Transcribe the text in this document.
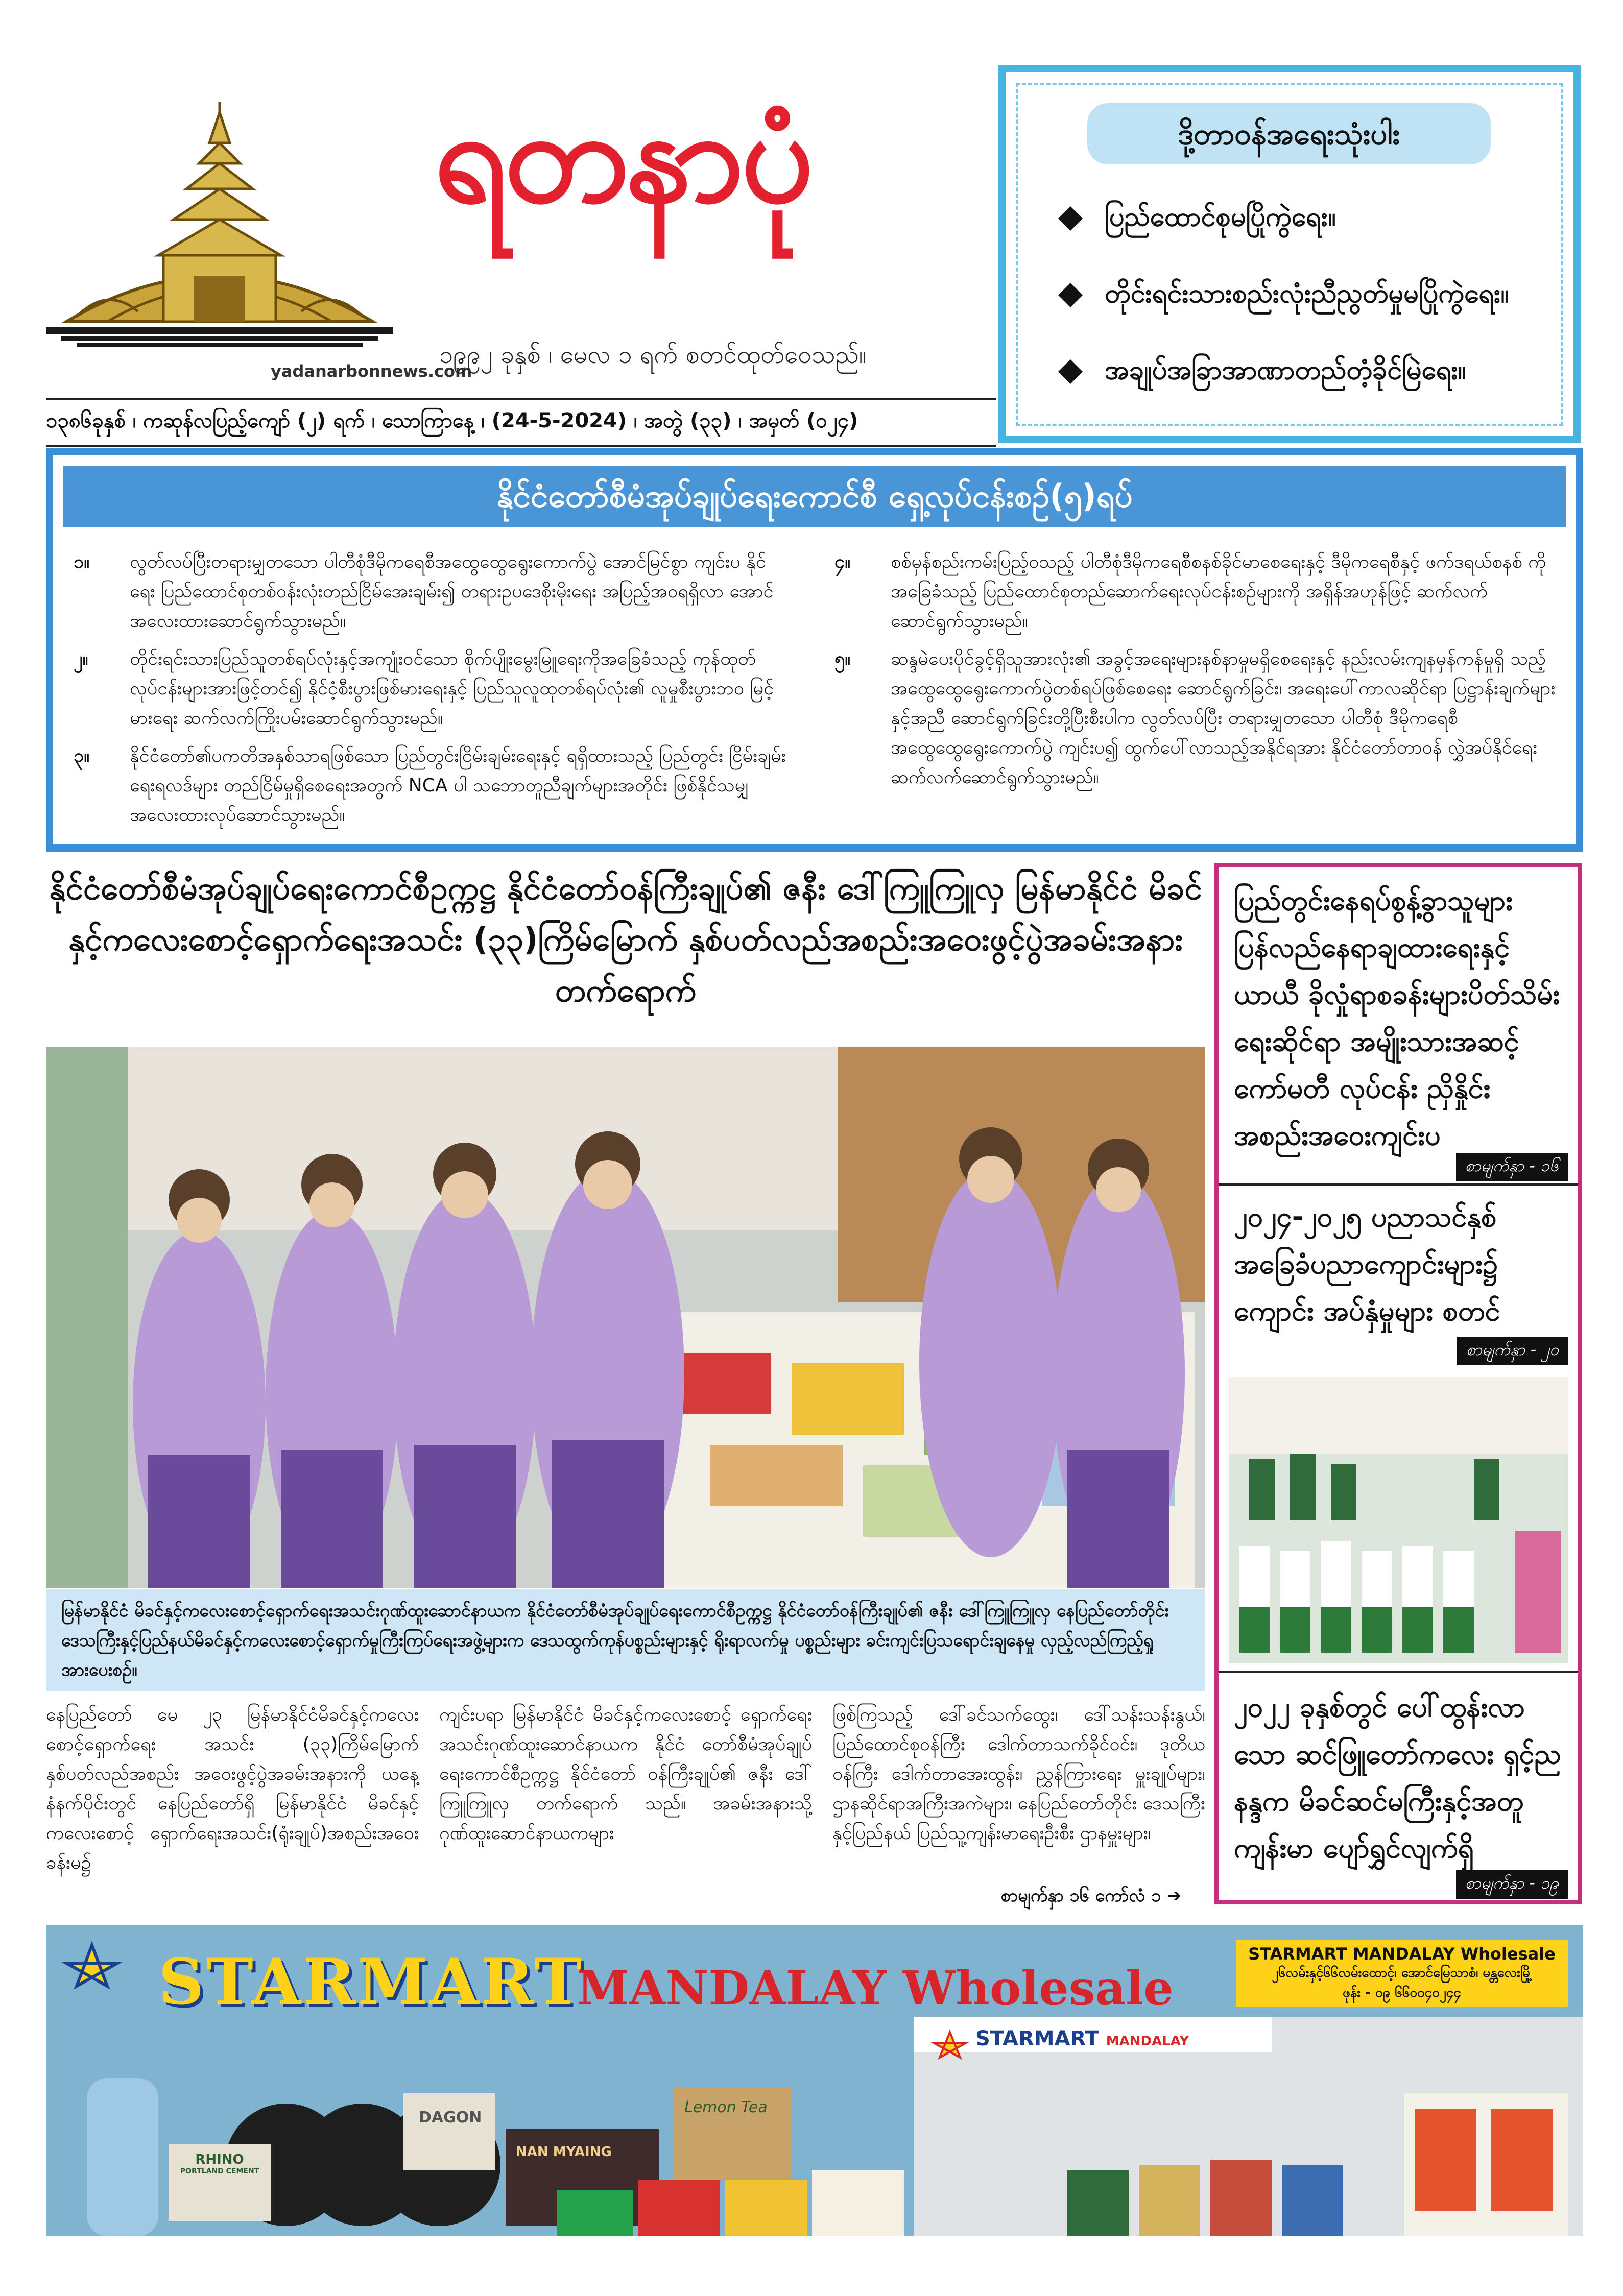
ရတနာပုံ
yadanarbonnews.com
၁၉၉၂ ခုနှစ် ၊ မေလ ၁ ရက် စတင်ထုတ်ဝေသည်။
၁၃၈၆ခုနှစ် ၊ ကဆုန်လပြည့်ကျော် (၂) ရက် ၊ သောကြာနေ့ ၊ (24-5-2024) ၊ အတွဲ (၃၃) ၊ အမှတ် (၀၂၄)
ဒို့တာဝန်အရေးသုံးပါး
ပြည်ထောင်စုမပြိုကွဲရေး။
တိုင်းရင်းသားစည်းလုံးညီညွတ်မှုမပြိုကွဲရေး။
အချုပ်အခြာအာဏာတည်တံ့ခိုင်မြဲရေး။
နိုင်ငံတော်စီမံအုပ်ချုပ်ရေးကောင်စီ ရှေ့လုပ်ငန်းစဉ်(၅)ရပ်
၁။ လွတ်လပ်ပြီးတရားမျှတသော ပါတီစုံဒီမိုကရေစီအထွေထွေရွေးကောက်ပွဲ အောင်မြင်စွာ ကျင်းပ နိုင်ရေး ပြည်ထောင်စုတစ်ဝန်းလုံးတည်ငြိမ်အေးချမ်း၍ တရားဥပဒေစိုးမိုးရေး အပြည့်အဝရရှိလာ အောင် အလေးထားဆောင်ရွက်သွားမည်။
၂။ တိုင်းရင်းသားပြည်သူတစ်ရပ်လုံးနှင့်အကျုံးဝင်သော စိုက်ပျိုးမွေးမြူရေးကိုအခြေခံသည့် ကုန်ထုတ် လုပ်ငန်းများအားဖြင့်တင်၍ နိုင်ငံ့စီးပွားဖြစ်မားရေးနှင့် ပြည်သူလူထုတစ်ရပ်လုံး၏ လူမှုစီးပွားဘဝ မြင့်မားရေး ဆက်လက်ကြိုးပမ်းဆောင်ရွက်သွားမည်။
၃။ နိုင်ငံတော်၏ပကတိအနှစ်သာရဖြစ်သော ပြည်တွင်းငြိမ်းချမ်းရေးနှင့် ရရှိထားသည့် ပြည်တွင်း ငြိမ်းချမ်းရေးရလဒ်များ တည်ငြိမ်မှုရှိစေရေးအတွက် NCA ပါ သဘောတူညီချက်များအတိုင်း ဖြစ်နိုင်သမျှ အလေးထားလုပ်ဆောင်သွားမည်။
၄။ စစ်မှန်စည်းကမ်းပြည့်ဝသည့် ပါတီစုံဒီမိုကရေစီစနစ်ခိုင်မာစေရေးနှင့် ဒီမိုကရေစီနှင့် ဖက်ဒရယ်စနစ် ကို အခြေခံသည့် ပြည်ထောင်စုတည်ဆောက်ရေးလုပ်ငန်းစဉ်များကို အရှိန်အဟုန်ဖြင့် ဆက်လက် ဆောင်ရွက်သွားမည်။
၅။ ဆန္ဒမဲပေးပိုင်ခွင့်ရှိသူအားလုံး၏ အခွင့်အရေးများနစ်နာမှုမရှိစေရေးနှင့် နည်းလမ်းကျနမှန်ကန်မှုရှိ သည့် အထွေထွေရွေးကောက်ပွဲတစ်ရပ်ဖြစ်စေရေး ဆောင်ရွက်ခြင်း၊ အရေးပေါ်ကာလဆိုင်ရာ ပြဋ္ဌာန်းချက်များနှင့်အညီ ဆောင်ရွက်ခြင်းတို့ပြီးစီးပါက လွတ်လပ်ပြီး တရားမျှတသော ပါတီစုံ ဒီမိုကရေစီ အထွေထွေရွေးကောက်ပွဲ ကျင်းပ၍ ထွက်ပေါ်လာသည့်အနိုင်ရအား နိုင်ငံတော်တာဝန် လွှဲအပ်နိုင်ရေး ဆက်လက်ဆောင်ရွက်သွားမည်။
နိုင်ငံတော်စီမံအုပ်ချုပ်ရေးကောင်စီဥက္ကဋ္ဌ နိုင်ငံတော်ဝန်ကြီးချုပ်၏ ဇနီး ဒေါ်ကြူကြူလှ မြန်မာနိုင်ငံ မိခင်နှင့်ကလေးစောင့်ရှောက်ရေးအသင်း (၃၃)ကြိမ်မြောက် နှစ်ပတ်လည်အစည်းအဝေးဖွင့်ပွဲအခမ်းအနား တက်ရောက်
မြန်မာနိုင်ငံ မိခင်နှင့်ကလေးစောင့်ရှောက်ရေးအသင်းဂုဏ်ထူးဆောင်နာယက နိုင်ငံတော်စီမံအုပ်ချုပ်ရေးကောင်စီဥက္ကဋ္ဌ နိုင်ငံတော်ဝန်ကြီးချုပ်၏ ဇနီး ဒေါ်ကြူကြူလှ နေပြည်တော်တိုင်းဒေသကြီးနှင့်ပြည်နယ်မိခင်နှင့်ကလေးစောင့်ရှောက်မှုကြီးကြပ်ရေးအဖွဲ့များက ဒေသထွက်ကုန်ပစ္စည်းများနှင့် ရိုးရာလက်မှု ပစ္စည်းများ ခင်းကျင်းပြသရောင်းချနေမှု လှည့်လည်ကြည့်ရှုအားပေးစဉ်။
နေပြည်တော် မေ ၂၃ မြန်မာနိုင်ငံမိခင်နှင့်ကလေးစောင့်ရှောက်ရေး အသင်း (၃၃)ကြိမ်မြောက် နှစ်ပတ်လည်အစည်း အဝေးဖွင့်ပွဲအခမ်းအနားကို ယနေ့နံနက်ပိုင်းတွင် နေပြည်တော်ရှိ မြန်မာနိုင်ငံ မိခင်နှင့်ကလေးစောင့် ရှောက်ရေးအသင်း(ရုံးချုပ်)အစည်းအဝေးခန်းမ၌
ကျင်းပရာ မြန်မာနိုင်ငံ မိခင်နှင့်ကလေးစောင့် ရှောက်ရေးအသင်းဂုဏ်ထူးဆောင်နာယက နိုင်ငံ တော်စီမံအုပ်ချုပ်ရေးကောင်စီဥက္ကဋ္ဌ နိုင်ငံတော် ဝန်ကြီးချုပ်၏ ဇနီး ဒေါ်ကြူကြူလှ တက်ရောက် သည်။ အခမ်းအနားသို့ ဂုဏ်ထူးဆောင်နာယကများ
ဖြစ်ကြသည့် ဒေါ်ခင်သက်ထွေး၊ ဒေါ်သန်းသန်းနွယ်၊ ပြည်ထောင်စုဝန်ကြီး ဒေါက်တာသက်ခိုင်ဝင်း၊ ဒုတိယဝန်ကြီး ဒေါက်တာအေးထွန်း၊ ညွှန်ကြားရေး မှူးချုပ်များ၊ဌာနဆိုင်ရာအကြီးအကဲများ၊ နေပြည်တော်တိုင်း ဒေသကြီးနှင့်ပြည်နယ် ပြည်သူ့ကျန်းမာရေးဦးစီး ဌာနမှူးများ၊
စာမျက်နှာ ၁၆ ကော်လံ ၁ ➔
ပြည်တွင်းနေရပ်စွန့်ခွာသူများ ပြန်လည်နေရာချထားရေးနှင့်ယာယီ ခိုလှုံရာစခန်းများပိတ်သိမ်းရေးဆိုင်ရာ အမျိုးသားအဆင့်ကော်မတီ လုပ်ငန်း ညှိနှိုင်းအစည်းအဝေးကျင်းပ
စာမျက်နှာ - ၁၆
၂၀၂၄-၂၀၂၅ ပညာသင်နှစ် အခြေခံပညာကျောင်းများ၌ ကျောင်း အပ်နှံမှုများ စတင်
စာမျက်နှာ - ၂၀
၂၀၂၂ ခုနှစ်တွင် ပေါ်ထွန်းလာသော ဆင်ဖြူတော်ကလေး ရှင့်ညနန္ဒက မိခင်ဆင်မကြီးနှင့်အတူ ကျန်းမာ ပျော်ရွှင်လျက်ရှိ
စာမျက်နှာ - ၁၉
STARMART
MANDALAY Wholesale
STARMART MANDALAY Wholesale
၂၆လမ်းနှင့်၆၆လမ်းထောင့်၊ အောင်မြေသာစံ၊ မန္တလေးမြို့
ဖုန်း - ၀၉ ၆၆၀၀၄၀၂၄၄
STARMART MANDALAY
RHINO
PORTLAND CEMENT
DAGON
NAN MYAING
Lemon Tea
